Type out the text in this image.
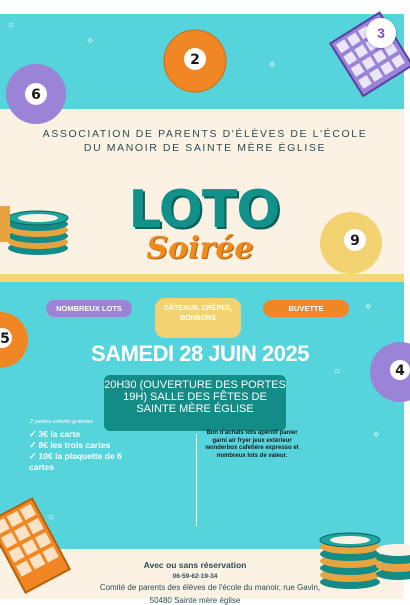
2
6
9
5
4
○
✧
✧
✧
○
✧
○

ASSOCIATION DE PARENTS D'ÉLÈVES DE L'ÉCOLE DU MANOIR DE SAINTE MÈRE ÉGLISE

LOTO
Soirée
NOMBREUX LOTS	GÂTEAUX, CRÊPES, BONBONS
BUVETTE
SAMEDI 28 JUIN 2025
20H30 (OUVERTURE DES PORTES 19H) SALLE DES FÊTES DE SAINTE MÈRE ÉGLISE
2 parties enfants gratuites
✓ 3€ la carte
✓ 8€ les trois cartes
✓ 10€ la plaquette de 6 cartes
Bon d'achats lots apéritif panier garni air fryer jeux extérieur wonderbox cafetière expresso et nombreux lots de valeur.
Avec ou sans réservation
06-59-62-19-34
Comité de parents des élèves de l'école du manoir, rue Gavin,
50480 Sainte mère église
3
